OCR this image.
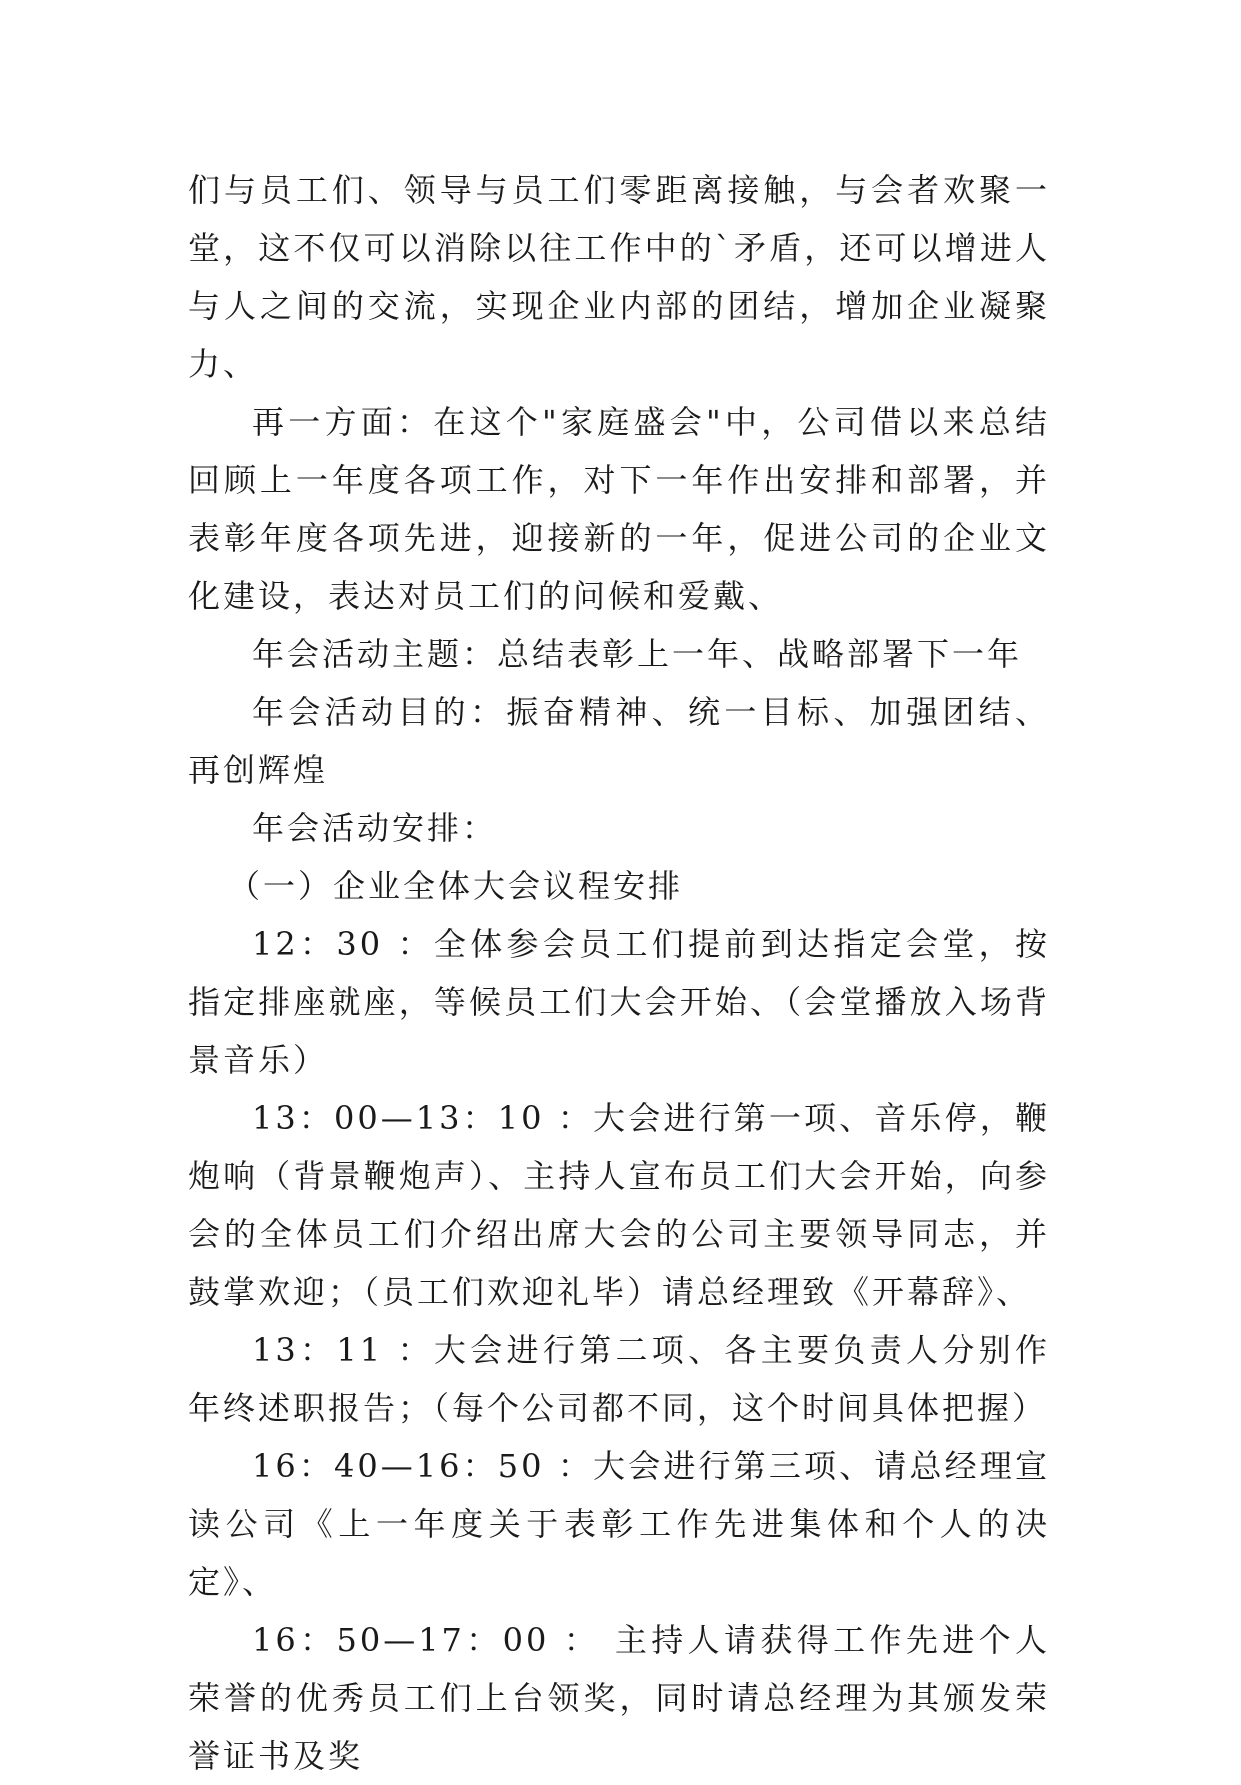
们与员工们、领导与员工们零距离接触，与会者欢聚一堂，这不仅可以消除以往工作中的`矛盾，还可以增进人与人之间的交流，实现企业内部的团结，增加企业凝聚力、

再一方面：在这个"家庭盛会"中，公司借以来总结回顾上一年度各项工作，对下一年作出安排和部署，并表彰年度各项先进，迎接新的一年，促进公司的企业文化建设，表达对员工们的问候和爱戴、

年会活动主题：总结表彰上一年、战略部署下一年

年会活动目的：振奋精神、统一目标、加强团结、再创辉煌

年会活动安排：

（一）企业全体大会议程安排

12：30 ：全体参会员工们提前到达指定会堂，按指定排座就座，等候员工们大会开始、（会堂播放入场背景音乐）

13：00—13：10 ：大会进行第一项、音乐停，鞭炮响（背景鞭炮声）、主持人宣布员工们大会开始，向参会的全体员工们介绍出席大会的公司主要领导同志，并鼓掌欢迎；（员工们欢迎礼毕）请总经理致《开幕辞》、

13：11 ：大会进行第二项、各主要负责人分别作年终述职报告；（每个公司都不同，这个时间具体把握）

16：40—16：50 ：大会进行第三项、请总经理宣读公司《上一年度关于表彰工作先进集体和个人的决定》、

16：50—17：00 ： 主持人请获得工作先进个人荣誉的优秀员工们上台领奖，同时请总经理为其颁发荣誉证书及奖
